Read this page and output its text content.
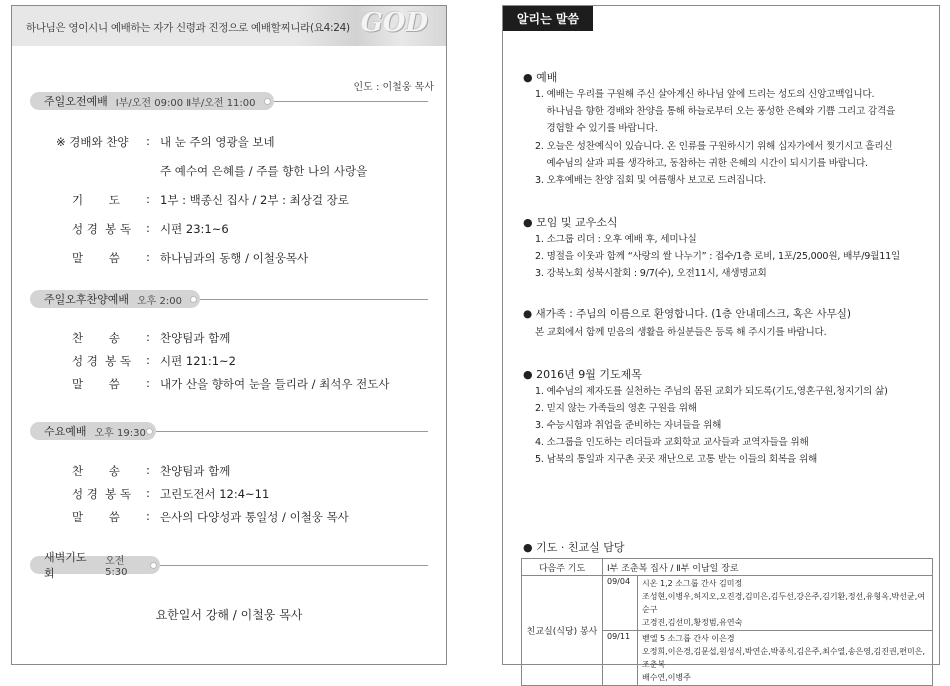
하나님은 영이시니 예배하는 자가 신령과 진정으로 예배할찌니라(요4:24) GOD
인도 : 이철웅 목사
주일오전예배 Ⅰ부/오전 09:00 Ⅱ부/오전 11:00
※ 경배와 찬양	: 내 눈 주의 영광을 보네
주 예수여 은혜를 / 주를 향한 나의 사랑을
기       도 : 1부 : 백종신 집사 / 2부 : 최상걸 장로
성 경  봉 독 : 시편 23:1~6
말       씀 : 하나님과의 동행 / 이철웅목사
주일오후찬양예배 오후 2:00
찬       송 : 찬양팀과 함께
성 경  봉 독 : 시편 121:1~2
말       씀 : 내가 산을 향하여 눈을 들리라 / 최석우 전도사
수요예배 오후 19:30
찬       송 : 찬양팀과 함께
성 경  봉 독 : 고린도전서 12:4~11
말       씀 : 은사의 다양성과 통일성 / 이철웅 목사
새벽기도회
오전 5:30
요한일서 강해 / 이철웅 목사
알리는 말씀
● 예배
1. 예배는 우리를 구원해 주신 살아계신 하나님 앞에 드리는 성도의 신앙고백입니다.
하나님을 향한 경배와 찬양을 통해 하늘로부터 오는 풍성한 은혜와 기쁨 그리고 감격을
경험할 수 있기를 바랍니다.
2. 오늘은 성찬예식이 있습니다. 온 인류를 구원하시기 위해 십자가에서 찢기시고 흘리신
예수님의 살과 피를 생각하고, 동참하는 귀한 은혜의 시간이 되시기를 바랍니다.
3. 오후예배는 찬양 집회 및 여름행사 보고로 드려집니다.
● 모임 및 교우소식
1. 소그룹 리더 : 오후 예배 후, 세미나실
2. 명절을 이웃과 함께 “사랑의 쌀 나누기” : 접수/1층 로비, 1포/25,000원, 배부/9월11일
3. 강북노회 성북시찰회 : 9/7(수), 오전11시, 새생명교회
● 새가족 : 주님의 이름으로 환영합니다. (1층 안내데스크, 혹은 사무실)
본 교회에서 함께 믿음의 생활을 하실분들은 등록 해 주시기를 바랍니다.
● 2016년 9월 기도제목
1. 예수님의 제자도를 실천하는 주님의 몸된 교회가 되도록(기도,영혼구원,청지기의 삶)
2. 믿지 않는 가족들의 영혼 구원을 위해
3. 수능시험과 취업을 준비하는 자녀들을 위해
4. 소그룹을 인도하는 리더들과 교회학교 교사들과 교역자들을 위해
5. 남북의 통일과 지구촌 곳곳 재난으로 고통 받는 이들의 회복을 위해
● 기도 · 친교실 담당
다음주 기도	Ⅰ부 조춘복 집사 / Ⅱ부 이남일 장로	
친교실(식당) 봉사	09/04	시온 1,2 소그룹 간사 김미정
조성현,이병우,허지오,오진경,김미은,김두선,강은주,김기환,정선,유형옥,박선균,여순구
고경진,김선미,황정범,유연숙

	09/11	벧엘 5 소그룹 간사 이은경
오정희,이은경,김문섭,원성식,박연순,박종식,김은주,최수열,송은영,김진권,편미은,조춘복
배수연,이병주
